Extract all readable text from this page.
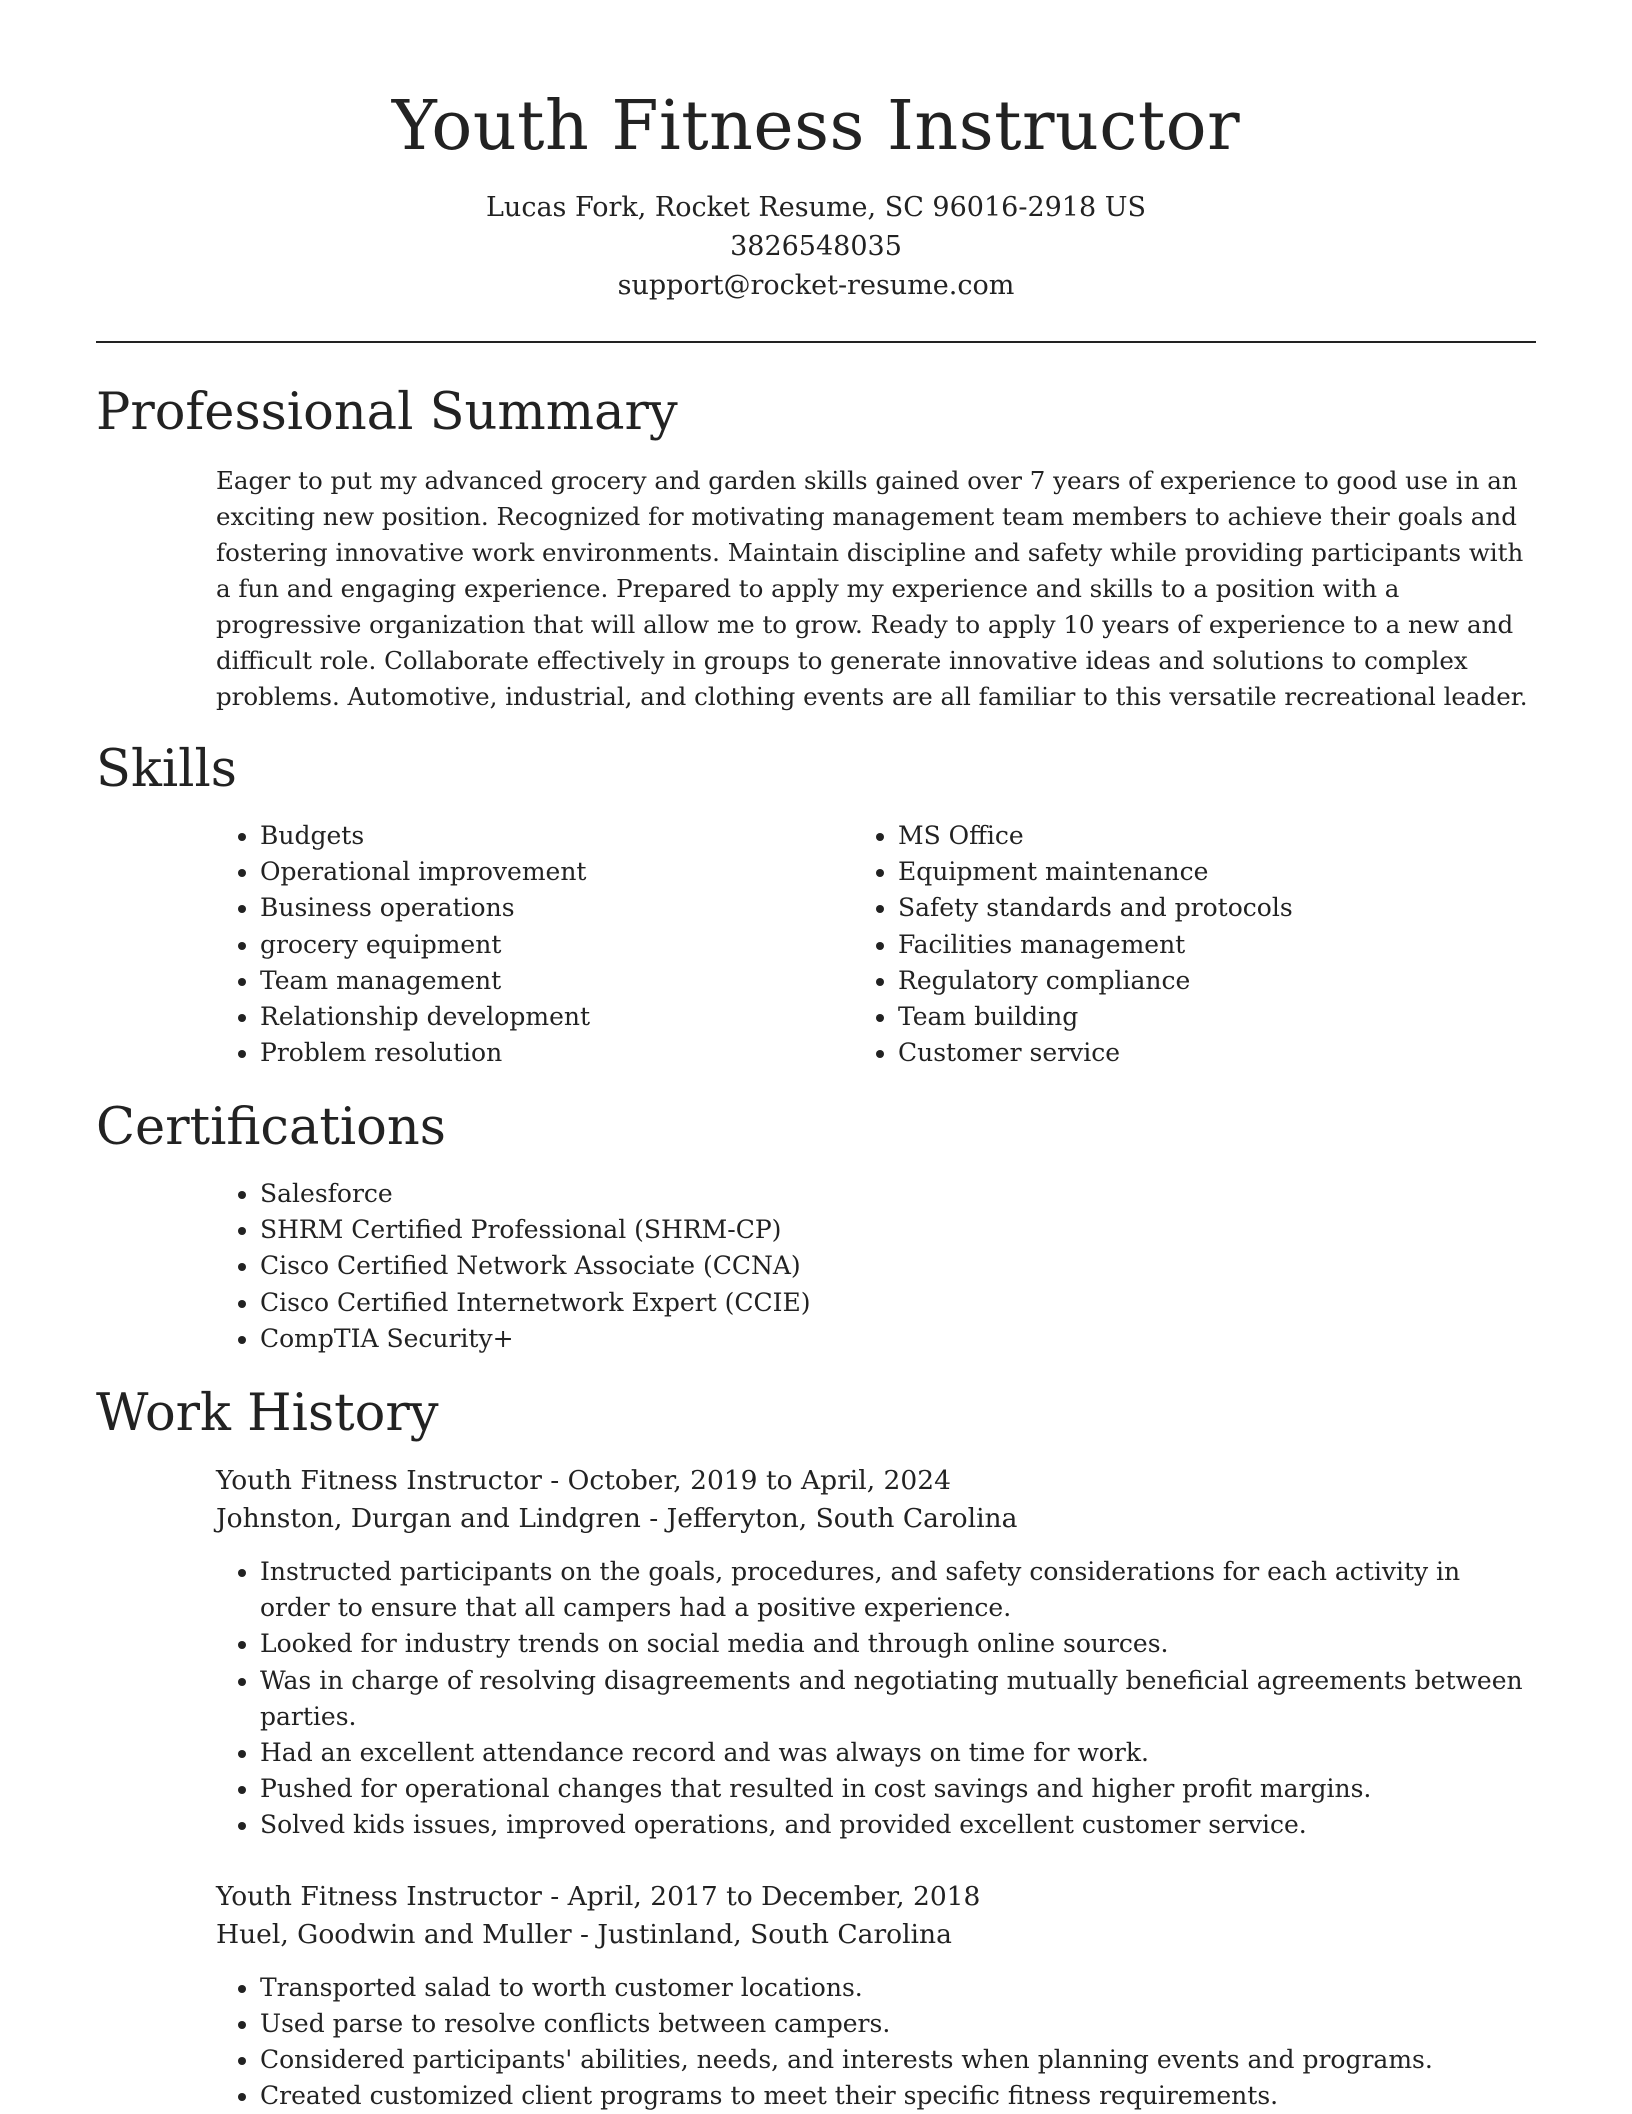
Youth Fitness Instructor

Lucas Fork, Rocket Resume, SC 96016-2918 US

3826548035

support@rocket-resume.com

Professional Summary

Eager to put my advanced grocery and garden skills gained over 7 years of experience to good use in an exciting new position. Recognized for motivating management team members to achieve their goals and fostering innovative work environments. Maintain discipline and safety while providing participants with a fun and engaging experience. Prepared to apply my experience and skills to a position with a progressive organization that will allow me to grow. Ready to apply 10 years of experience to a new and difficult role. Collaborate effectively in groups to generate innovative ideas and solutions to complex problems. Automotive, industrial, and clothing events are all familiar to this versatile recreational leader.

Skills
• Budgets
• Operational improvement
• Business operations
• grocery equipment
• Team management
• Relationship development
• Problem resolution
• MS Office
• Equipment maintenance
• Safety standards and protocols
• Facilities management
• Regulatory compliance
• Team building
• Customer service
Certifications
• Salesforce
• SHRM Certified Professional (SHRM-CP)
• Cisco Certified Network Associate (CCNA)
• Cisco Certified Internetwork Expert (CCIE)
• CompTIA Security+
Work History

Youth Fitness Instructor - October, 2019 to April, 2024

Johnston, Durgan and Lindgren - Jefferyton, South Carolina

• Instructed participants on the goals, procedures, and safety considerations for each activity in order to ensure that all campers had a positive experience.
• Looked for industry trends on social media and through online sources.
• Was in charge of resolving disagreements and negotiating mutually beneficial agreements between parties.
• Had an excellent attendance record and was always on time for work.
• Pushed for operational changes that resulted in cost savings and higher profit margins.
• Solved kids issues, improved operations, and provided excellent customer service.

Youth Fitness Instructor - April, 2017 to December, 2018

Huel, Goodwin and Muller - Justinland, South Carolina

• Transported salad to worth customer locations.
• Used parse to resolve conflicts between campers.
• Considered participants' abilities, needs, and interests when planning events and programs.
• Created customized client programs to meet their specific fitness requirements.
